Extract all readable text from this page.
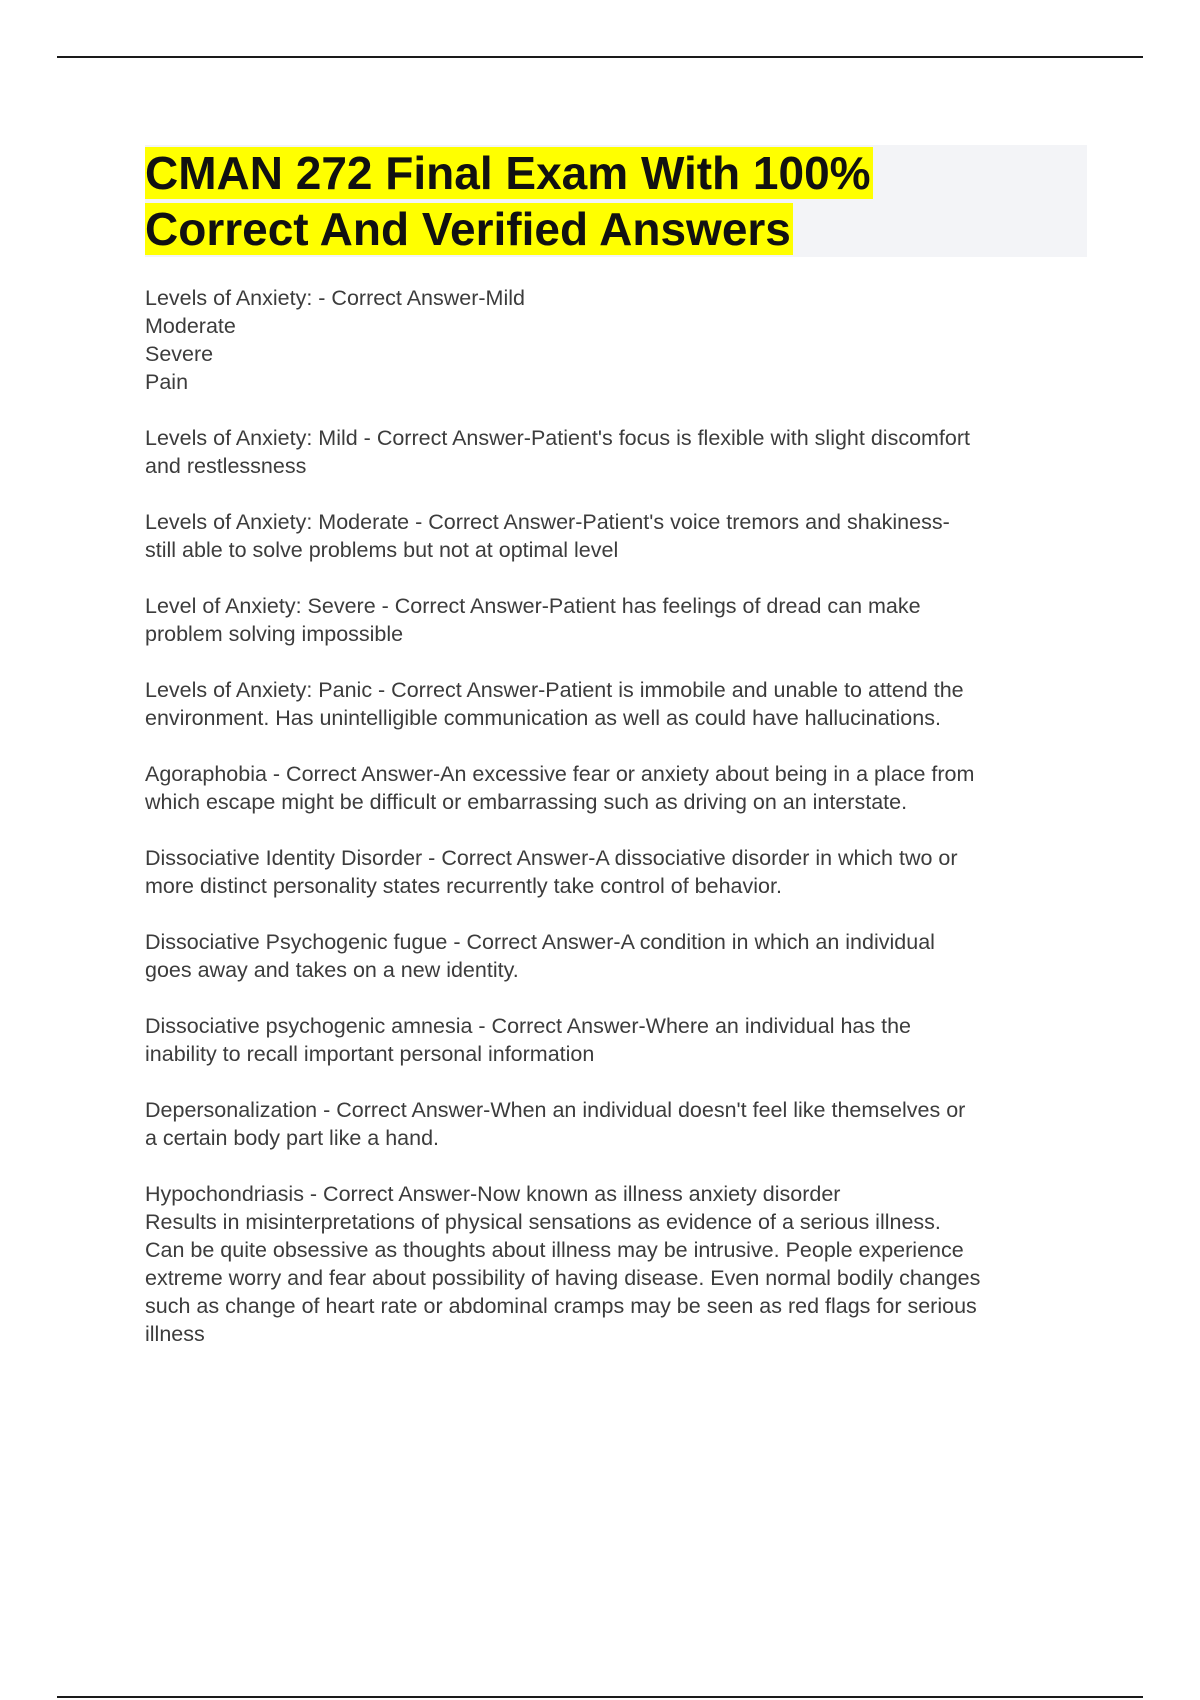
CMAN 272 Final Exam With 100%
Correct And Verified Answers

Levels of Anxiety: - Correct Answer-Mild
Moderate
Severe
Pain

Levels of Anxiety: Mild - Correct Answer-Patient's focus is flexible with slight discomfort
and restlessness

Levels of Anxiety: Moderate - Correct Answer-Patient's voice tremors and shakiness-
still able to solve problems but not at optimal level

Level of Anxiety: Severe - Correct Answer-Patient has feelings of dread can make
problem solving impossible

Levels of Anxiety: Panic - Correct Answer-Patient is immobile and unable to attend the
environment. Has unintelligible communication as well as could have hallucinations.

Agoraphobia - Correct Answer-An excessive fear or anxiety about being in a place from
which escape might be difficult or embarrassing such as driving on an interstate.

Dissociative Identity Disorder - Correct Answer-A dissociative disorder in which two or
more distinct personality states recurrently take control of behavior.

Dissociative Psychogenic fugue - Correct Answer-A condition in which an individual
goes away and takes on a new identity.

Dissociative psychogenic amnesia - Correct Answer-Where an individual has the
inability to recall important personal information

Depersonalization - Correct Answer-When an individual doesn't feel like themselves or
a certain body part like a hand.

Hypochondriasis - Correct Answer-Now known as illness anxiety disorder
Results in misinterpretations of physical sensations as evidence of a serious illness.
Can be quite obsessive as thoughts about illness may be intrusive. People experience
extreme worry and fear about possibility of having disease. Even normal bodily changes
such as change of heart rate or abdominal cramps may be seen as red flags for serious
illness
